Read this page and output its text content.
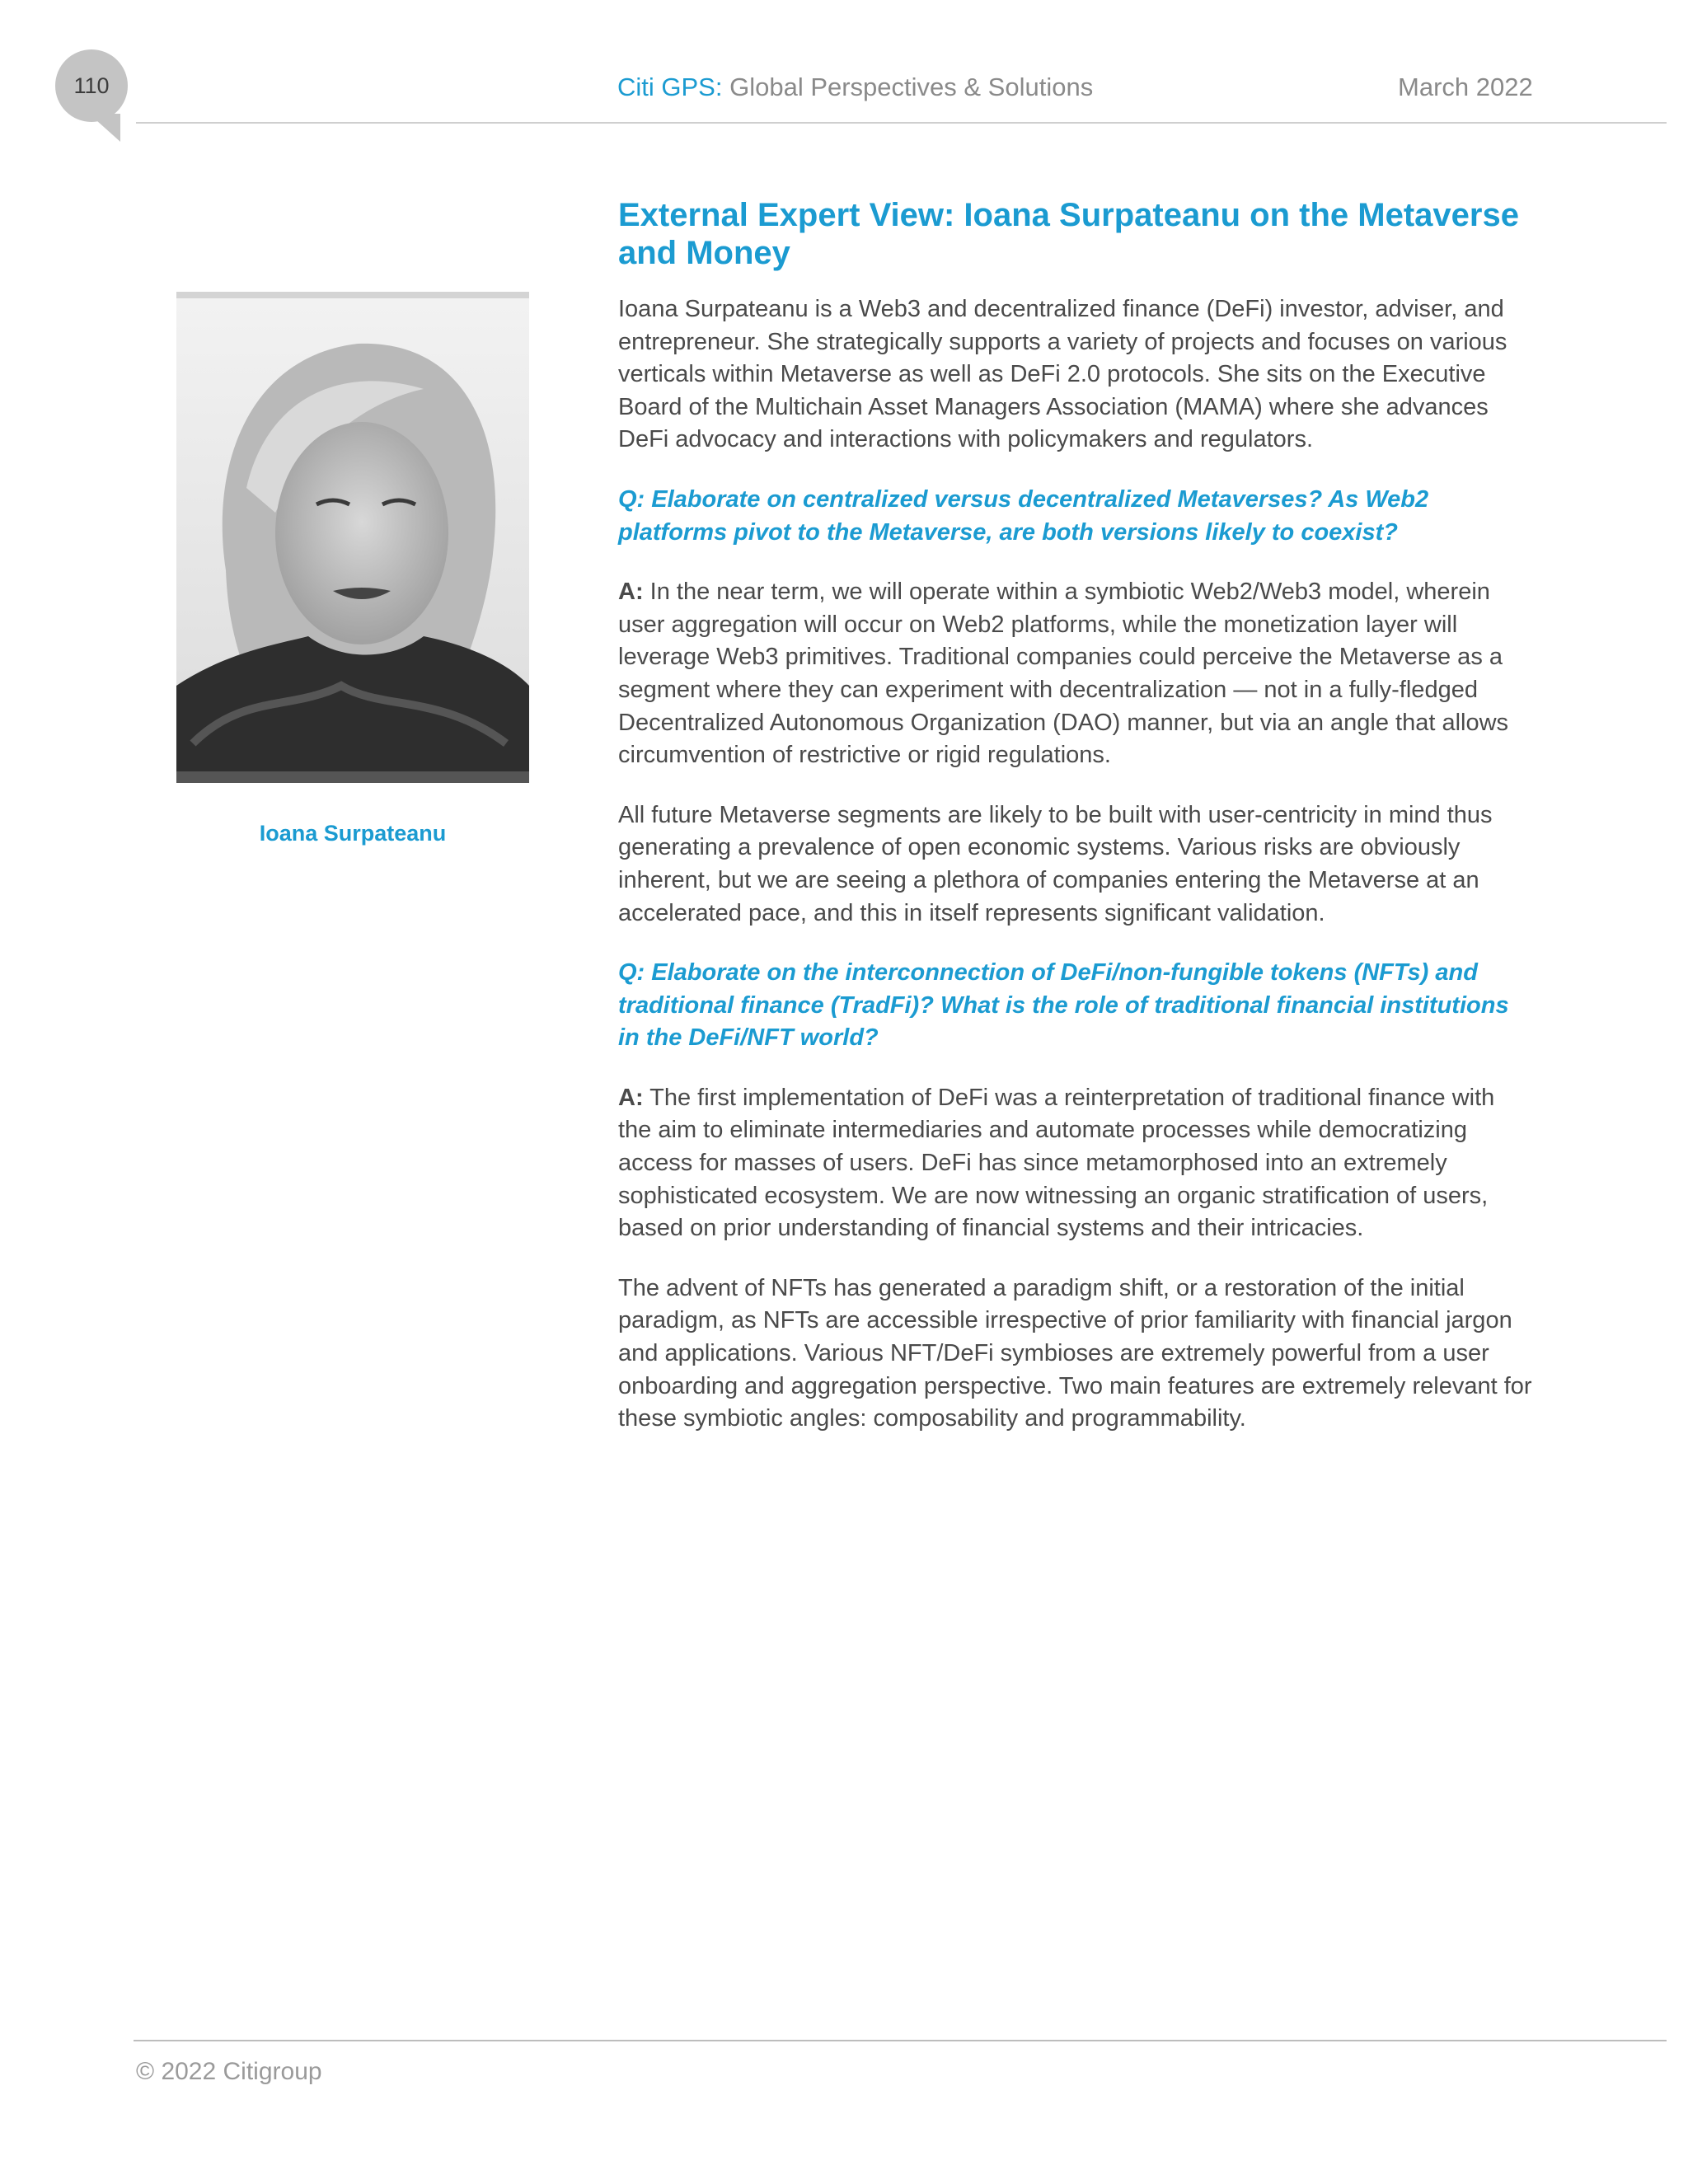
110	Citi GPS: Global Perspectives & Solutions	March 2022
Ioana Surpateanu
External Expert View: Ioana Surpateanu on the Metaverse and Money

Ioana Surpateanu is a Web3 and decentralized finance (DeFi) investor, adviser, and entrepreneur. She strategically supports a variety of projects and focuses on various verticals within Metaverse as well as DeFi 2.0 protocols. She sits on the Executive Board of the Multichain Asset Managers Association (MAMA) where she advances DeFi advocacy and interactions with policymakers and regulators.

Q: Elaborate on centralized versus decentralized Metaverses? As Web2 platforms pivot to the Metaverse, are both versions likely to coexist?

A: In the near term, we will operate within a symbiotic Web2/Web3 model, wherein user aggregation will occur on Web2 platforms, while the monetization layer will leverage Web3 primitives. Traditional companies could perceive the Metaverse as a segment where they can experiment with decentralization — not in a fully-fledged Decentralized Autonomous Organization (DAO) manner, but via an angle that allows circumvention of restrictive or rigid regulations.

All future Metaverse segments are likely to be built with user-centricity in mind thus generating a prevalence of open economic systems. Various risks are obviously inherent, but we are seeing a plethora of companies entering the Metaverse at an accelerated pace, and this in itself represents significant validation.

Q: Elaborate on the interconnection of DeFi/non-fungible tokens (NFTs) and traditional finance (TradFi)? What is the role of traditional financial institutions in the DeFi/NFT world?

A: The first implementation of DeFi was a reinterpretation of traditional finance with the aim to eliminate intermediaries and automate processes while democratizing access for masses of users. DeFi has since metamorphosed into an extremely sophisticated ecosystem. We are now witnessing an organic stratification of users, based on prior understanding of financial systems and their intricacies.

The advent of NFTs has generated a paradigm shift, or a restoration of the initial paradigm, as NFTs are accessible irrespective of prior familiarity with financial jargon and applications. Various NFT/DeFi symbioses are extremely powerful from a user onboarding and aggregation perspective. Two main features are extremely relevant for these symbiotic angles: composability and programmability.

© 2022 Citigroup
